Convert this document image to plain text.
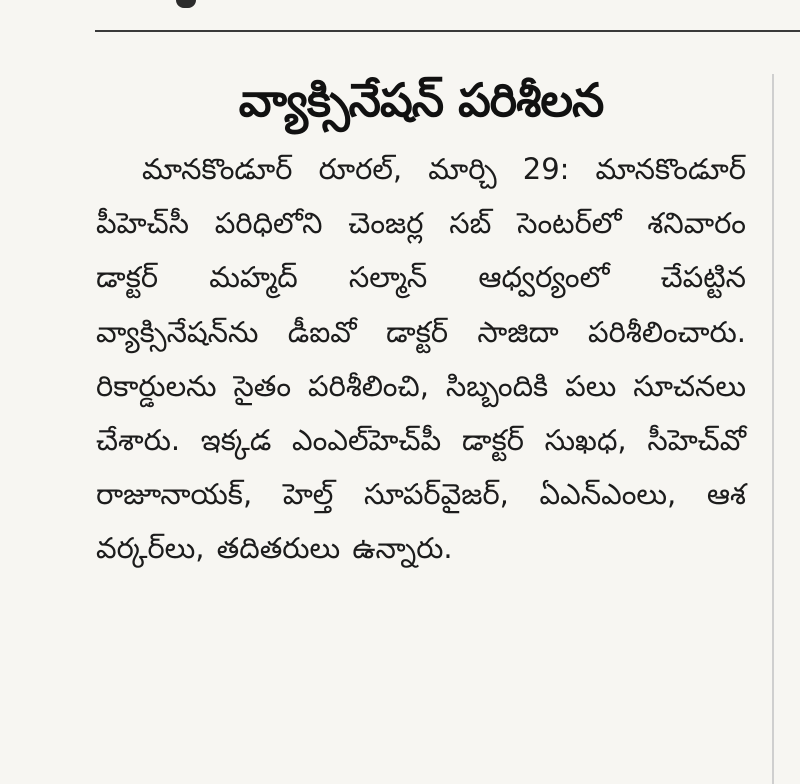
వ్యాక్సినేషన్ పరిశీలన

మానకొండూర్ రూరల్, మార్చి 29: మానకొండూర్ పీహెచ్‌సీ పరిధిలోని చెంజర్ల సబ్ సెంటర్‌లో శనివారం డాక్టర్ మహ్మద్ సల్మాన్ ఆధ్వర్యంలో చేపట్టిన వ్యాక్సినేషన్‌ను డీఐవో డాక్టర్ సాజిదా పరిశీలించారు. రికార్డులను సైతం పరిశీలించి, సిబ్బందికి పలు సూచనలు చేశారు. ఇక్కడ ఎంఎల్‌హెచ్‌పీ డాక్టర్ సుఖధ, సీహెచ్‌వో రాజూనాయక్, హెల్త్ సూపర్‌వైజర్, ఏఎన్‌ఎంలు, ఆశ వర్కర్‌లు, తదితరులు ఉన్నారు.
